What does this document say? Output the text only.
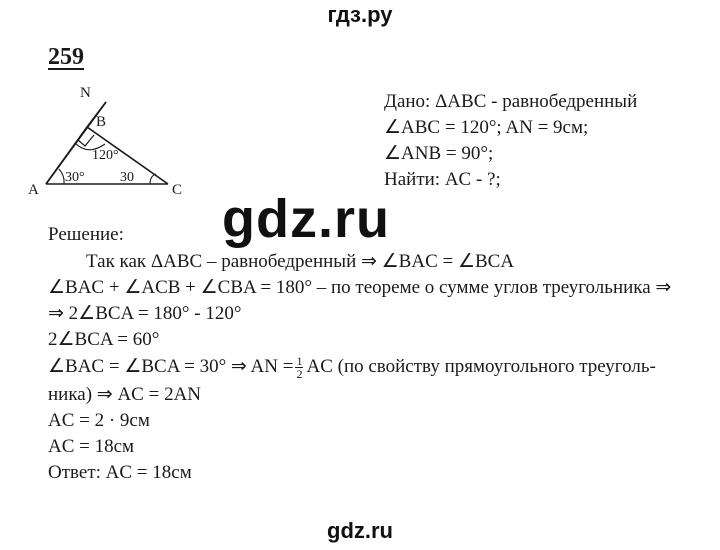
гдз.ру
259
N
B
A	C
120°
30°	30
Дано: ΔABC - равнобедренный
∠ABC = 120°; AN = 9см;
∠ANB = 90°;
Найти: AC - ?;
gdz.ru
Решение:
Так как ΔABC – равнобедренный ⇒ ∠BAC = ∠BCA
∠BAC + ∠ACB + ∠CBA = 180° – по теореме о сумме углов треугольника ⇒
⇒ 2∠BCA = 180° - 120°
2∠BCA = 60°
∠BAC = ∠BCA = 30° ⇒ AN = $\frac{1}{2}$ AC (по свойству прямоугольного треуголь-
ника) ⇒ AC = 2AN
AC = 2 · 9см
AC = 18см
Ответ: AC = 18см
gdz.ru
